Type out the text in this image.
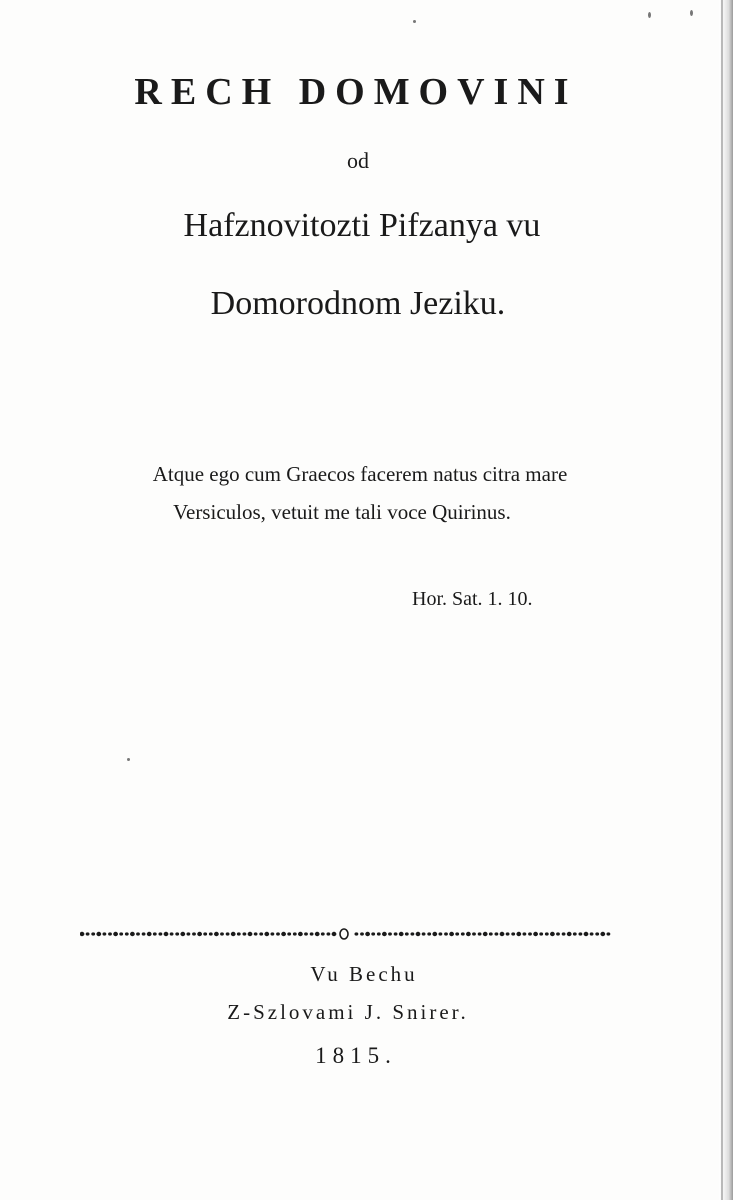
RECH DOMOVINI
od
Hafznovitozti Pifzanya vu
Domorodnom Jeziku.
Atque ego cum Graecos facerem natus citra mare
Versiculos, vetuit me tali voce Quirinus.
Hor. Sat. 1. 10.
Vu Bechu
Z-Szlovami J. Snirer.
1815.
